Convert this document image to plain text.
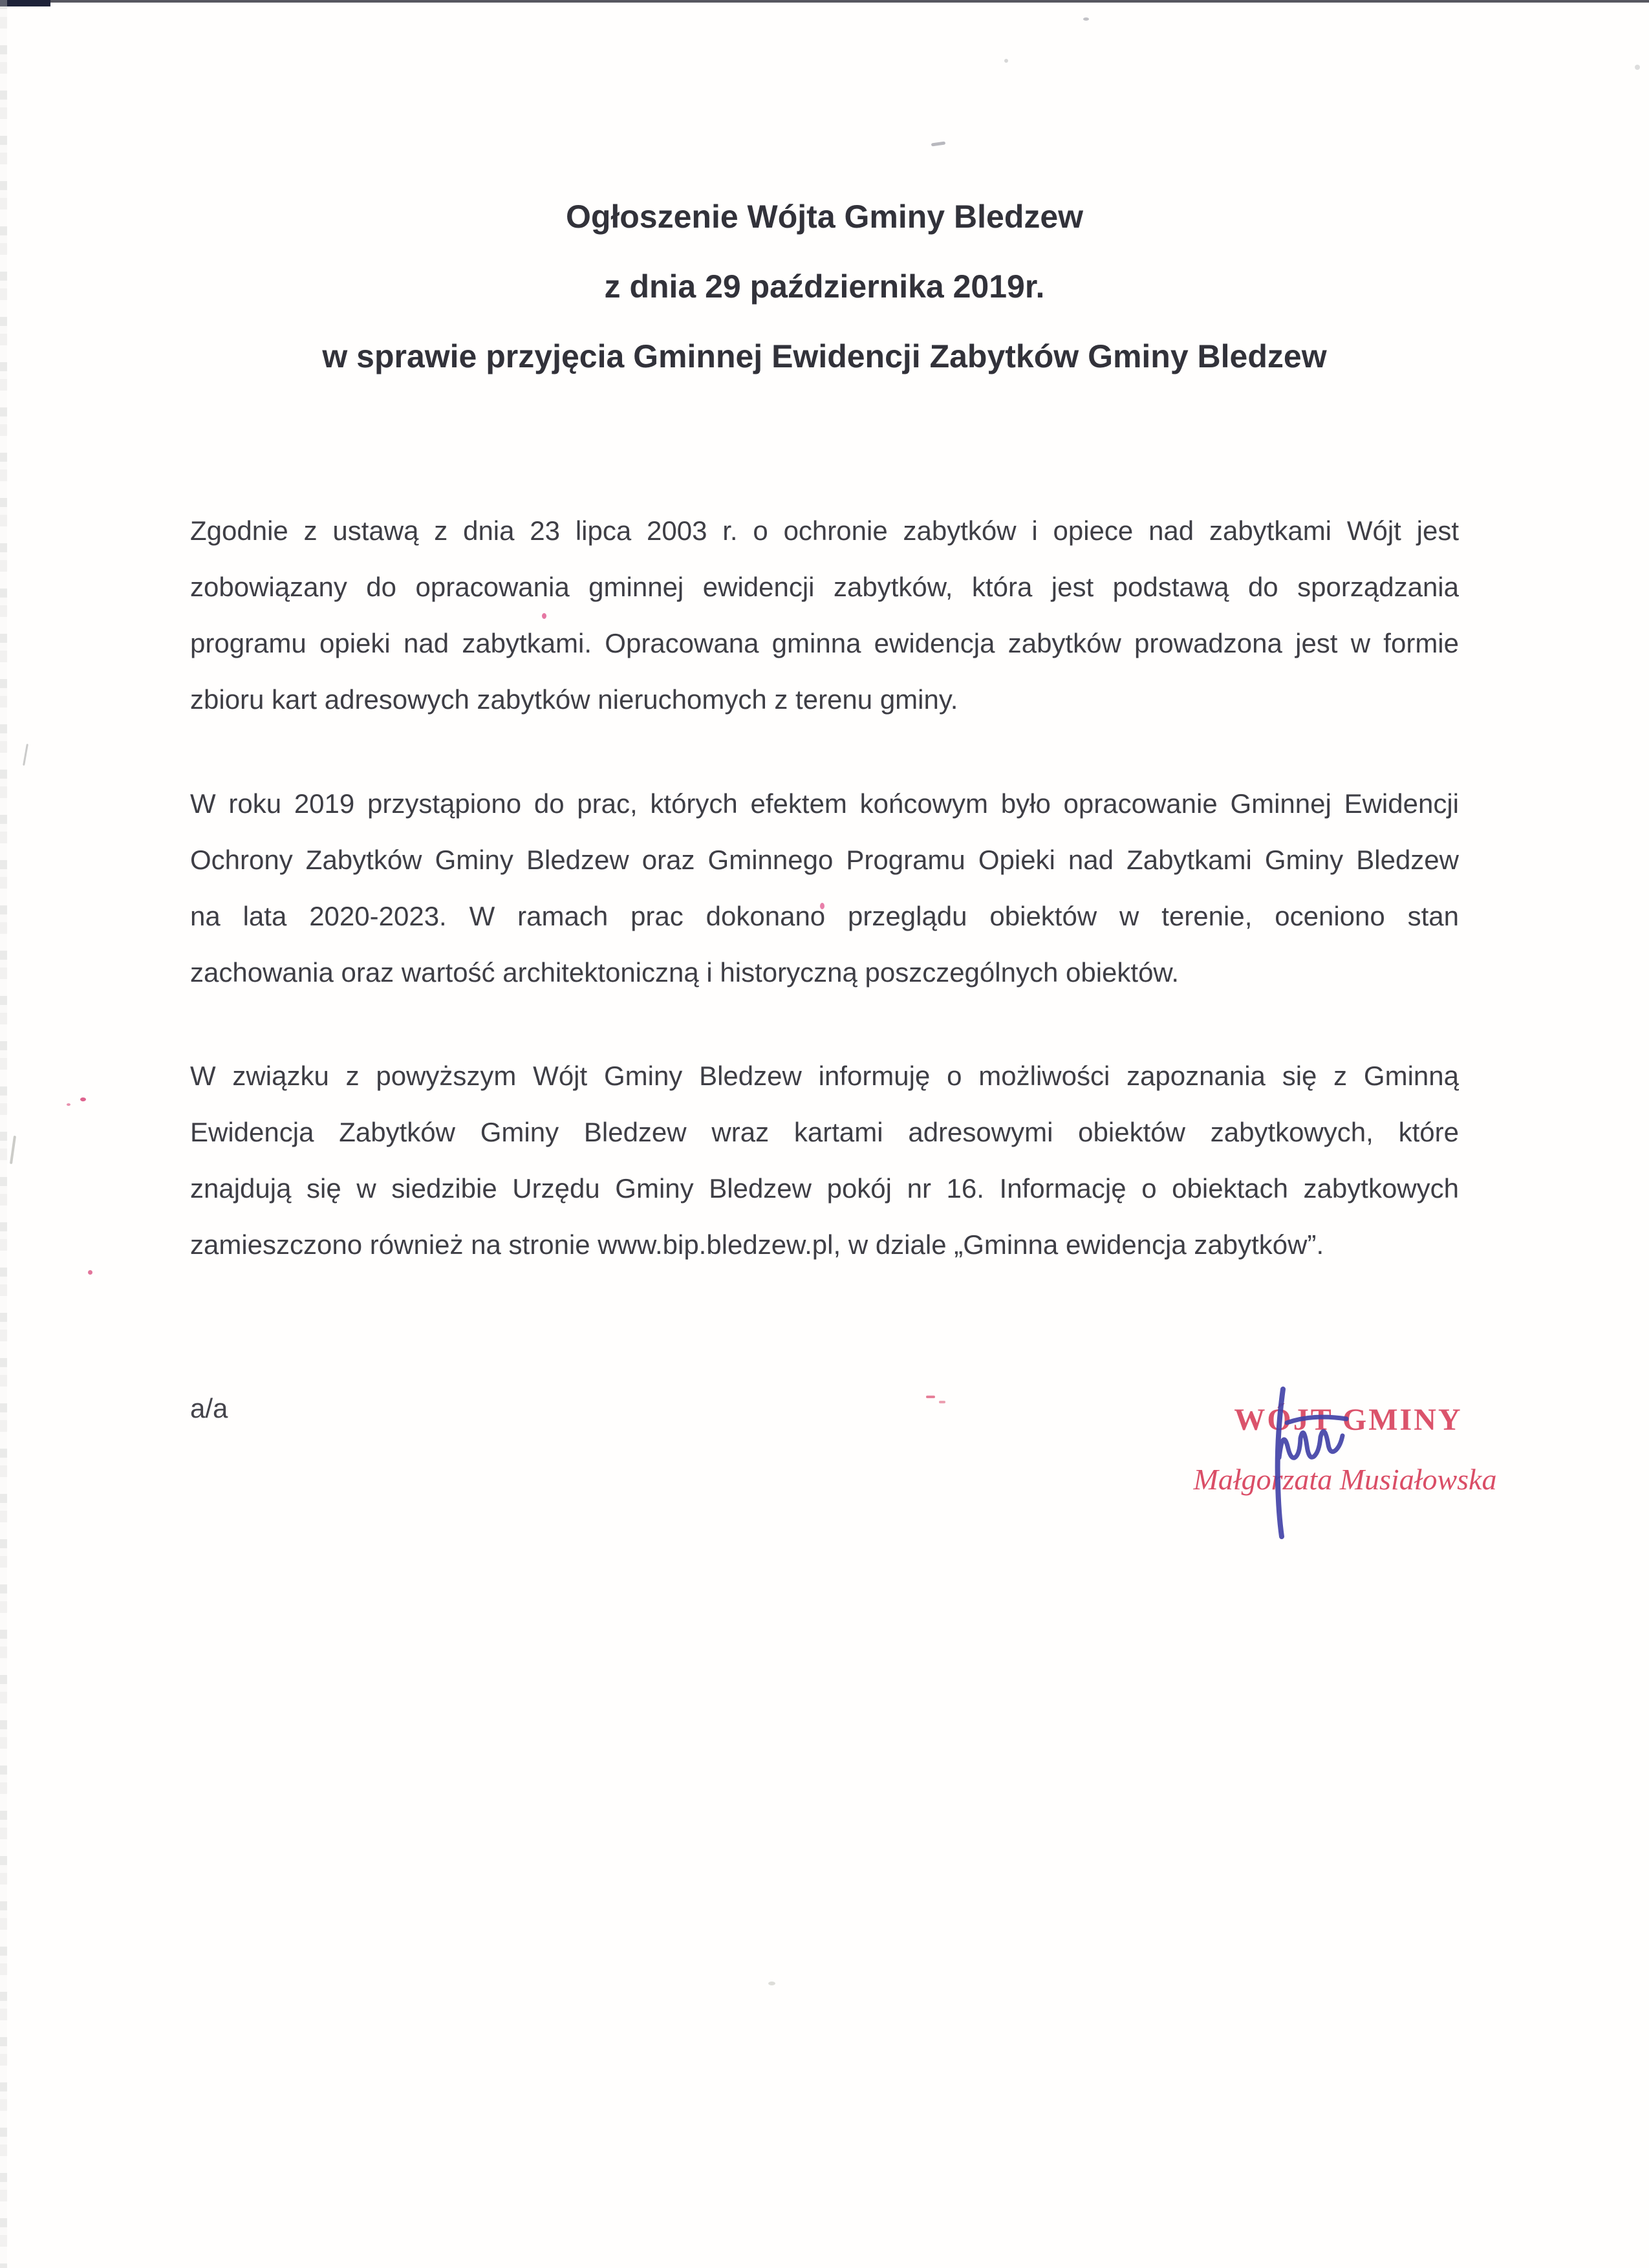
Ogłoszenie Wójta Gminy Bledzew
z dnia 29 października 2019r.
w sprawie przyjęcia Gminnej Ewidencji Zabytków Gminy Bledzew
Zgodnie z ustawą z dnia 23 lipca 2003 r. o ochronie zabytków i opiece nad zabytkami Wójt jest
zobowiązany do opracowania gminnej ewidencji zabytków, która jest podstawą do sporządzania
programu opieki nad zabytkami. Opracowana gminna ewidencja zabytków prowadzona jest w formie
zbioru kart adresowych zabytków nieruchomych z terenu gminy.
W roku 2019 przystąpiono do prac, których efektem końcowym było opracowanie Gminnej Ewidencji
Ochrony Zabytków Gminy Bledzew oraz Gminnego Programu Opieki nad Zabytkami Gminy Bledzew
na lata 2020-2023. W ramach prac dokonano przeglądu obiektów w terenie, oceniono stan
zachowania oraz wartość architektoniczną i historyczną poszczególnych obiektów.
W związku z powyższym Wójt Gminy Bledzew informuję o możliwości zapoznania się z Gminną
Ewidencja Zabytków Gminy Bledzew wraz kartami adresowymi obiektów zabytkowych, które
znajdują się w siedzibie Urzędu Gminy Bledzew pokój nr 16. Informację o obiektach zabytkowych
zamieszczono również na stronie www.bip.bledzew.pl, w dziale „Gminna ewidencja zabytków”.
a/a	WÓJT GMINY
Małgorzata Musiałowska
